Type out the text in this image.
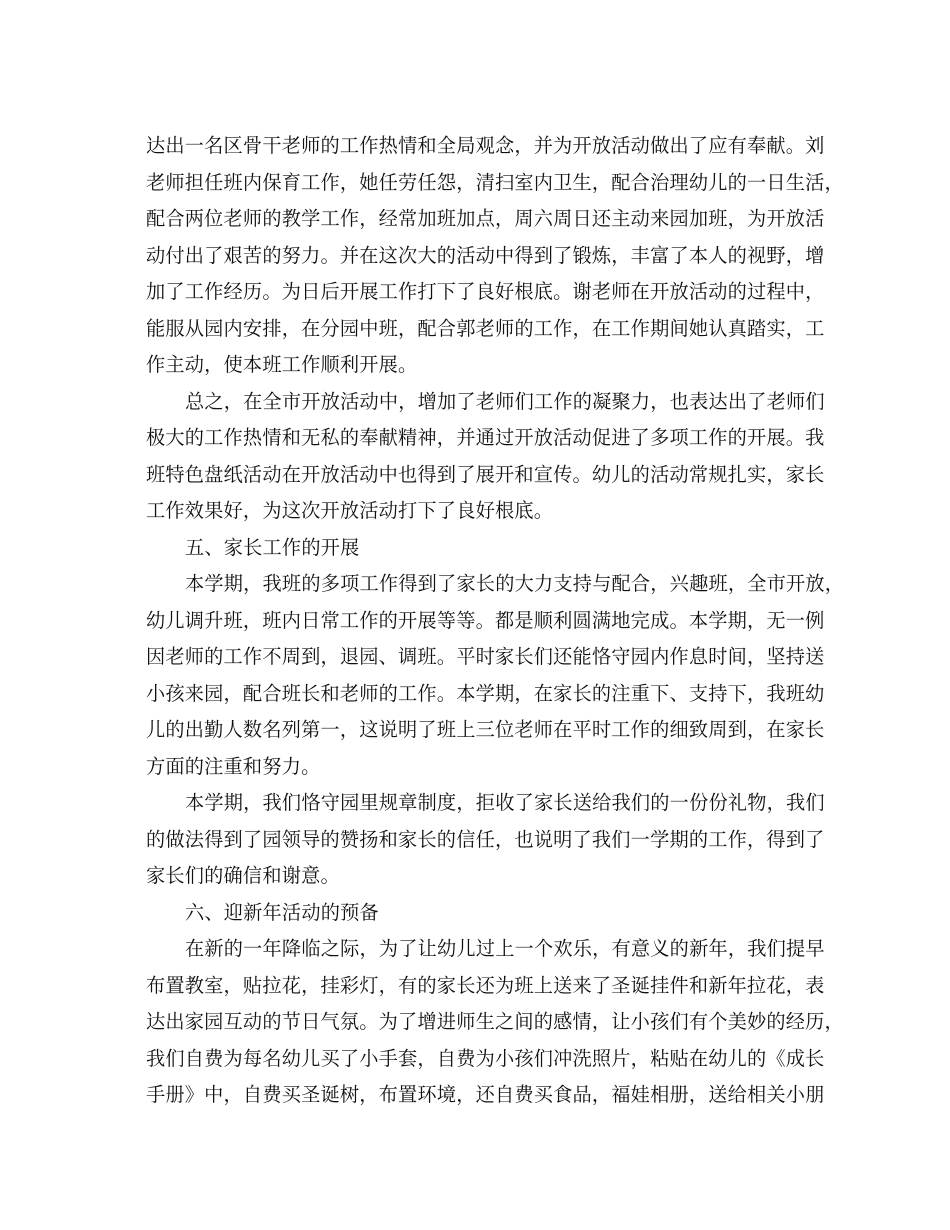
达出一名区骨干老师的工作热情和全局观念，并为开放活动做出了应有奉献。刘
老师担任班内保育工作，她任劳任怨，清扫室内卫生，配合治理幼儿的一日生活，
配合两位老师的教学工作，经常加班加点，周六周日还主动来园加班，为开放活
动付出了艰苦的努力。并在这次大的活动中得到了锻炼，丰富了本人的视野，增
加了工作经历。为日后开展工作打下了良好根底。谢老师在开放活动的过程中，
能服从园内安排，在分园中班，配合郭老师的工作，在工作期间她认真踏实，工
作主动，使本班工作顺利开展。
总之，在全市开放活动中，增加了老师们工作的凝聚力，也表达出了老师们
极大的工作热情和无私的奉献精神，并通过开放活动促进了多项工作的开展。我
班特色盘纸活动在开放活动中也得到了展开和宣传。幼儿的活动常规扎实，家长
工作效果好，为这次开放活动打下了良好根底。
五、家长工作的开展
本学期，我班的多项工作得到了家长的大力支持与配合，兴趣班，全市开放，
幼儿调升班，班内日常工作的开展等等。都是顺利圆满地完成。本学期，无一例
因老师的工作不周到，退园、调班。平时家长们还能恪守园内作息时间，坚持送
小孩来园，配合班长和老师的工作。本学期，在家长的注重下、支持下，我班幼
儿的出勤人数名列第一，这说明了班上三位老师在平时工作的细致周到，在家长
方面的注重和努力。
本学期，我们恪守园里规章制度，拒收了家长送给我们的一份份礼物，我们
的做法得到了园领导的赞扬和家长的信任，也说明了我们一学期的工作，得到了
家长们的确信和谢意。
六、迎新年活动的预备
在新的一年降临之际，为了让幼儿过上一个欢乐，有意义的新年，我们提早
布置教室，贴拉花，挂彩灯，有的家长还为班上送来了圣诞挂件和新年拉花，表
达出家园互动的节日气氛。为了增进师生之间的感情，让小孩们有个美妙的经历，
我们自费为每名幼儿买了小手套，自费为小孩们冲洗照片，粘贴在幼儿的《成长
手册》中，自费买圣诞树，布置环境，还自费买食品，福娃相册，送给相关小朋
